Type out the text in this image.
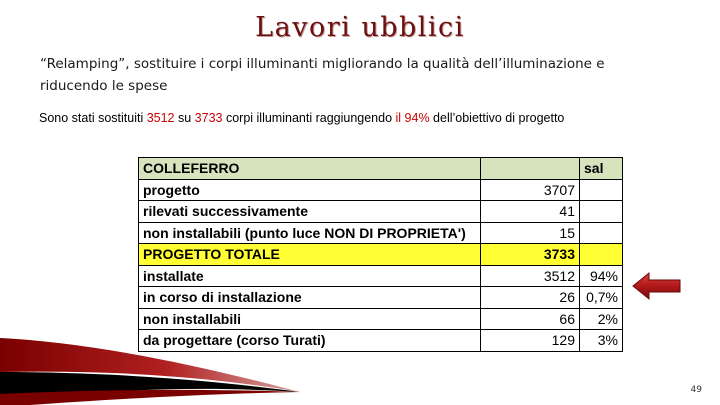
Lavori ubblici
“Relamping”, sostituire i corpi illuminanti migliorando la qualità dell’illuminazione e riducendo le spese
Sono stati sostituiti 3512 su 3733 corpi illuminanti raggiungendo il 94% dell’obiettivo di progetto
COLLEFERRO		sal
progetto	3707	
rilevati successivamente	41	
non installabili (punto luce NON DI PROPRIETA')	15	
PROGETTO TOTALE	3733	
installate	3512	94%
in corso di installazione	26	0,7%
non installabili	66	2%
da progettare (corso Turati)	129	3%
49
